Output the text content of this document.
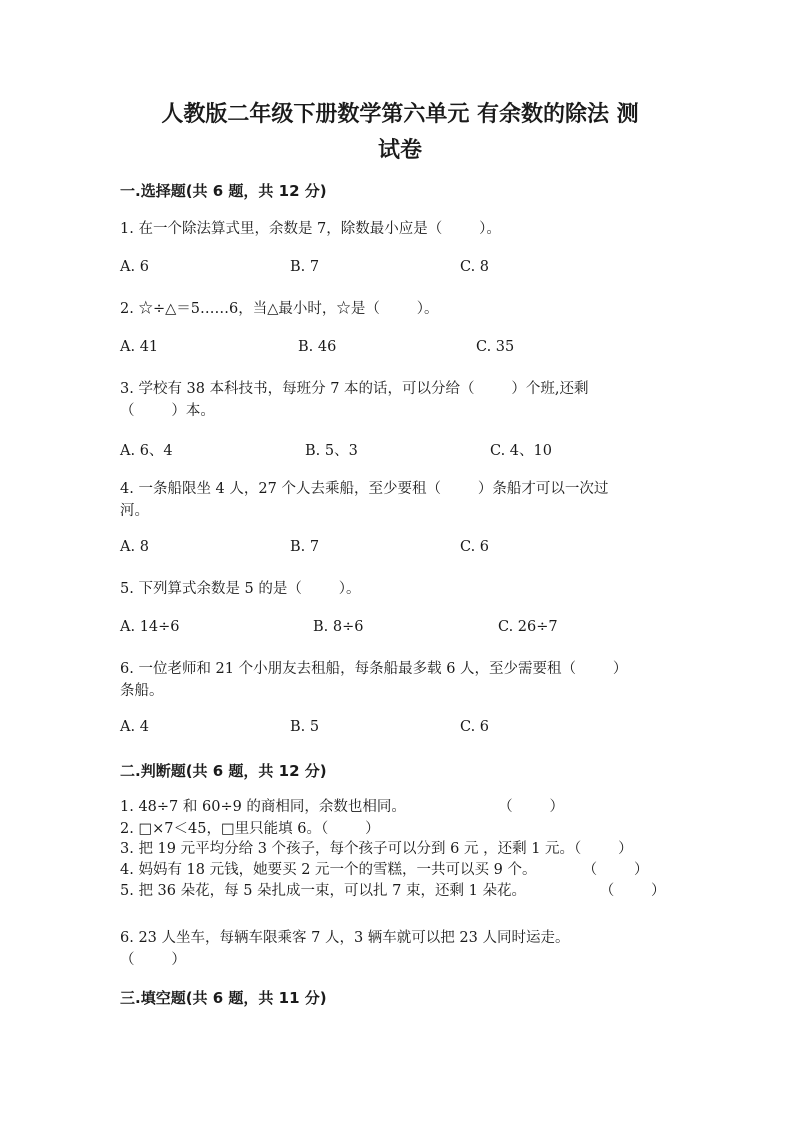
人教版二年级下册数学第六单元 有余数的除法 测
试卷
一.选择题(共 6 题，共 12 分)
1. 在一个除法算式里，余数是 7，除数最小应是（        ）。
A. 6	B. 7	C. 8
2. ☆÷△＝5……6，当△最小时，☆是（        ）。
A. 41	B. 46	C. 35
3. 学校有 38 本科技书，每班分 7 本的话，可以分给（        ）个班,还剩
（        ）本。
A. 6、4	B. 5、3	C. 4、10
4. 一条船限坐 4 人，27 个人去乘船，至少要租（        ）条船才可以一次过
河。
A. 8	B. 7	C. 6
5. 下列算式余数是 5 的是（        ）。
A. 14÷6	B. 8÷6	C. 26÷7
6. 一位老师和 21 个小朋友去租船，每条船最多载 6 人，至少需要租（        ）
条船。
A. 4	B. 5	C. 6
二.判断题(共 6 题，共 12 分)
1. 48÷7 和 60÷9 的商相同，余数也相同。                    （        ）
2. □×7＜45，□里只能填 6。（        ）
3. 把 19 元平均分给 3 个孩子，每个孩子可以分到 6 元 ，还剩 1 元。（        ）
4. 妈妈有 18 元钱，她要买 2 元一个的雪糕，一共可以买 9 个。          （        ）
5. 把 36 朵花，每 5 朵扎成一束，可以扎 7 束，还剩 1 朵花。                （        ）
6. 23 人坐车，每辆车限乘客 7 人，3 辆车就可以把 23 人同时运走。
（        ）
三.填空题(共 6 题，共 11 分)
